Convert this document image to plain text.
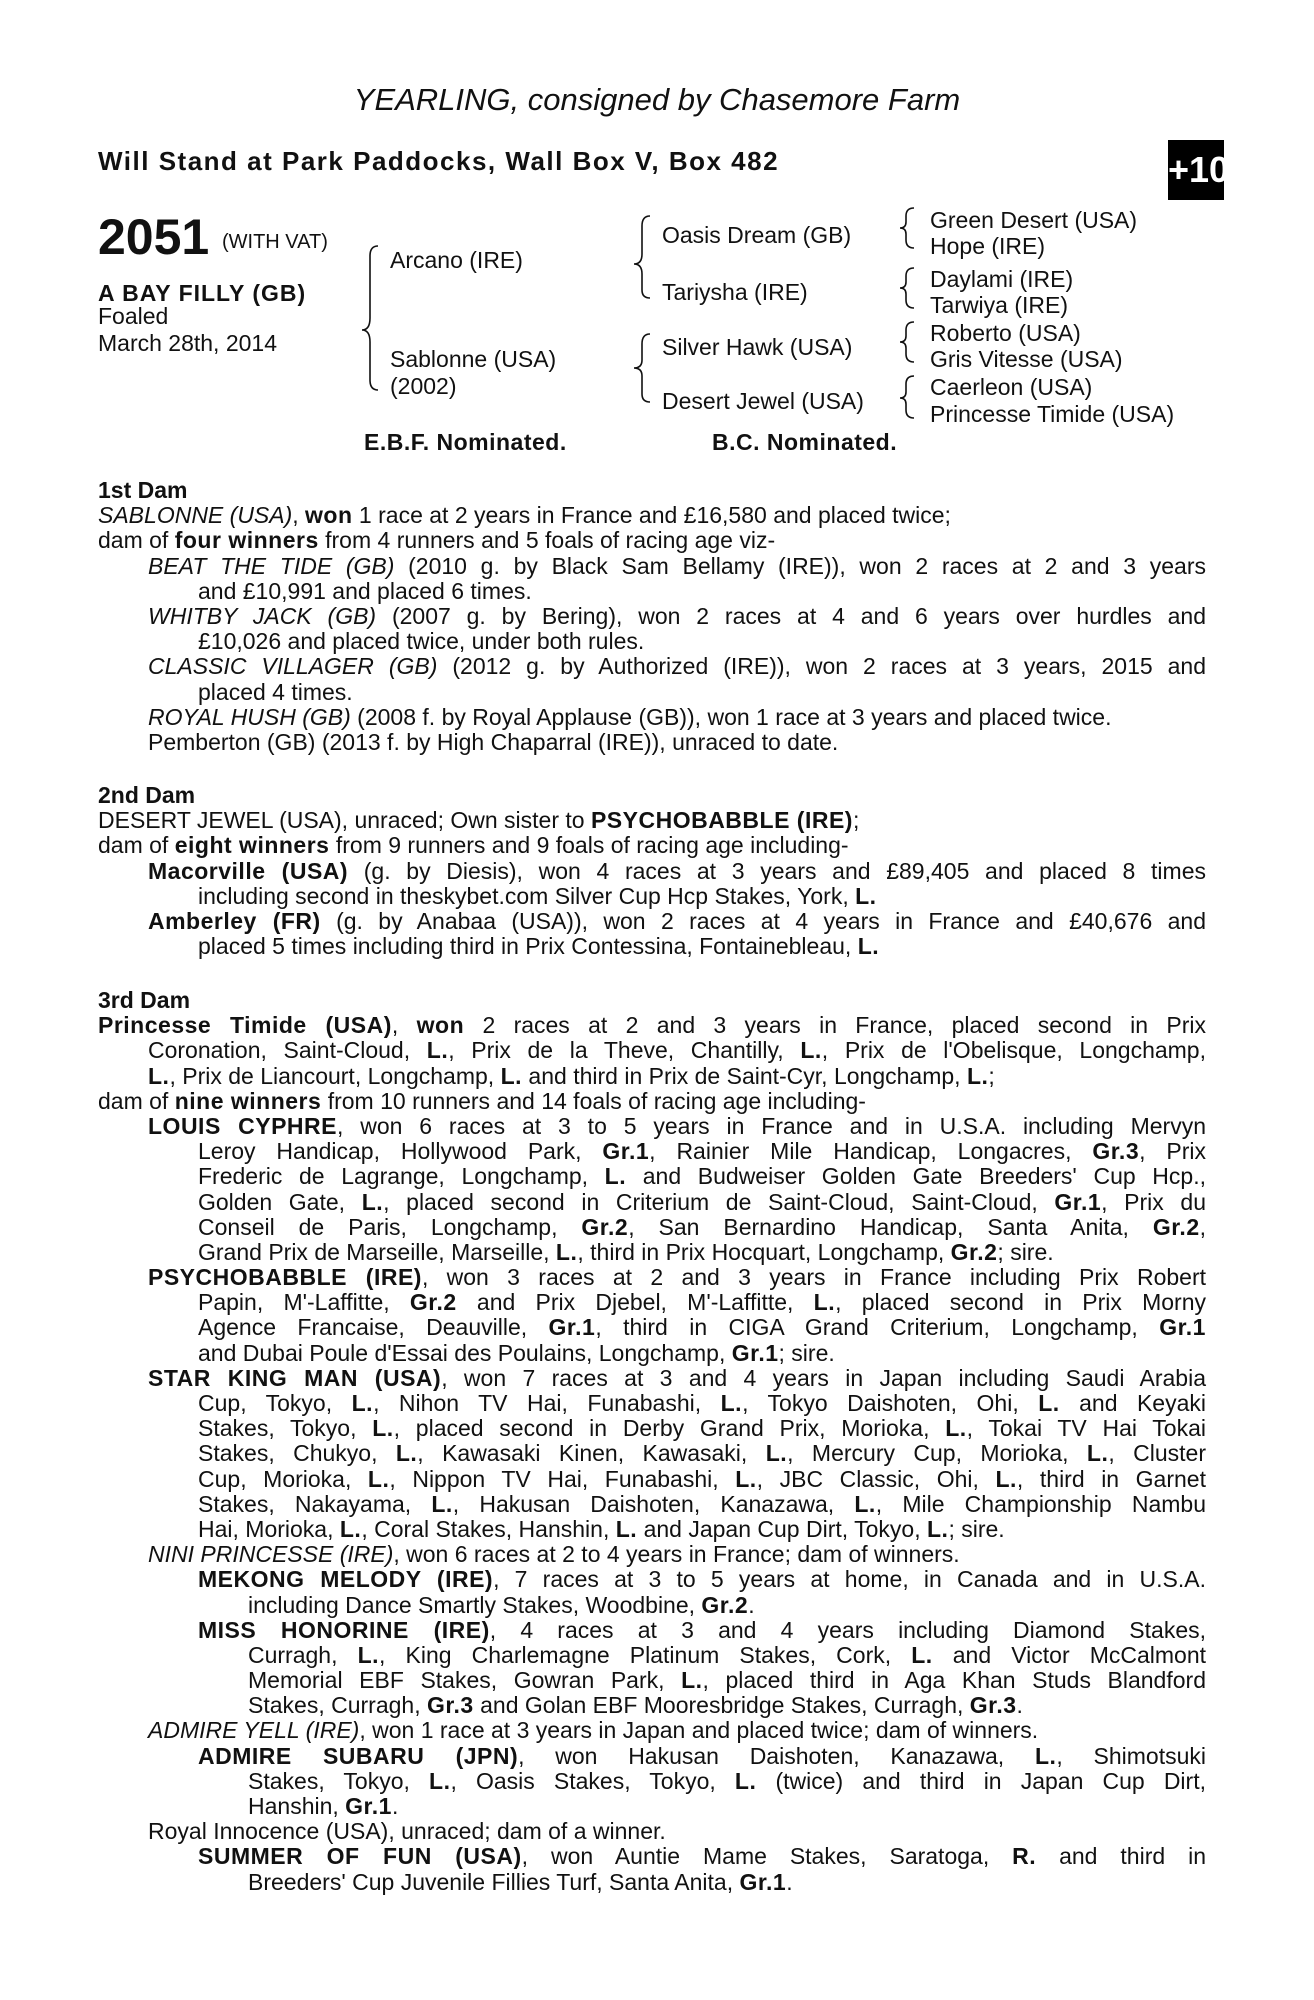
YEARLING, consigned by Chasemore Farm
Will Stand at Park Paddocks, Wall Box V, Box 482	+10
2051 (WITH VAT)
A BAY FILLY (GB)
Foaled
March 28th, 2014
Arcano (IRE)
Sablonne (USA)
(2002)
Oasis Dream (GB)
Tariysha (IRE)
Silver Hawk (USA)
Desert Jewel (USA)
Green Desert (USA)
Hope (IRE)
Daylami (IRE)
Tarwiya (IRE)
Roberto (USA)
Gris Vitesse (USA)
Caerleon (USA)
Princesse Timide (USA)
E.B.F. Nominated.	B.C. Nominated.
1st Dam
SABLONNE (USA), won 1 race at 2 years in France and £16,580 and placed twice;
dam of four winners from 4 runners and 5 foals of racing age viz-
BEAT THE TIDE (GB) (2010 g. by Black Sam Bellamy (IRE)), won 2 races at 2 and 3 years
and £10,991 and placed 6 times.
WHITBY JACK (GB) (2007 g. by Bering), won 2 races at 4 and 6 years over hurdles and
£10,026 and placed twice, under both rules.
CLASSIC VILLAGER (GB) (2012 g. by Authorized (IRE)), won 2 races at 3 years, 2015 and
placed 4 times.
ROYAL HUSH (GB) (2008 f. by Royal Applause (GB)), won 1 race at 3 years and placed twice.
Pemberton (GB) (2013 f. by High Chaparral (IRE)), unraced to date.
2nd Dam
DESERT JEWEL (USA), unraced; Own sister to PSYCHOBABBLE (IRE);
dam of eight winners from 9 runners and 9 foals of racing age including-
Macorville (USA) (g. by Diesis), won 4 races at 3 years and £89,405 and placed 8 times
including second in theskybet.com Silver Cup Hcp Stakes, York, L.
Amberley (FR) (g. by Anabaa (USA)), won 2 races at 4 years in France and £40,676 and
placed 5 times including third in Prix Contessina, Fontainebleau, L.
3rd Dam
Princesse Timide (USA), won 2 races at 2 and 3 years in France, placed second in Prix
Coronation, Saint-Cloud, L., Prix de la Theve, Chantilly, L., Prix de l'Obelisque, Longchamp,
L., Prix de Liancourt, Longchamp, L. and third in Prix de Saint-Cyr, Longchamp, L.;
dam of nine winners from 10 runners and 14 foals of racing age including-
LOUIS CYPHRE, won 6 races at 3 to 5 years in France and in U.S.A. including Mervyn
Leroy Handicap, Hollywood Park, Gr.1, Rainier Mile Handicap, Longacres, Gr.3, Prix
Frederic de Lagrange, Longchamp, L. and Budweiser Golden Gate Breeders' Cup Hcp.,
Golden Gate, L., placed second in Criterium de Saint-Cloud, Saint-Cloud, Gr.1, Prix du
Conseil de Paris, Longchamp, Gr.2, San Bernardino Handicap, Santa Anita, Gr.2,
Grand Prix de Marseille, Marseille, L., third in Prix Hocquart, Longchamp, Gr.2; sire.
PSYCHOBABBLE (IRE), won 3 races at 2 and 3 years in France including Prix Robert
Papin, M'-Laffitte, Gr.2 and Prix Djebel, M'-Laffitte, L., placed second in Prix Morny
Agence Francaise, Deauville, Gr.1, third in CIGA Grand Criterium, Longchamp, Gr.1
and Dubai Poule d'Essai des Poulains, Longchamp, Gr.1; sire.
STAR KING MAN (USA), won 7 races at 3 and 4 years in Japan including Saudi Arabia
Cup, Tokyo, L., Nihon TV Hai, Funabashi, L., Tokyo Daishoten, Ohi, L. and Keyaki
Stakes, Tokyo, L., placed second in Derby Grand Prix, Morioka, L., Tokai TV Hai Tokai
Stakes, Chukyo, L., Kawasaki Kinen, Kawasaki, L., Mercury Cup, Morioka, L., Cluster
Cup, Morioka, L., Nippon TV Hai, Funabashi, L., JBC Classic, Ohi, L., third in Garnet
Stakes, Nakayama, L., Hakusan Daishoten, Kanazawa, L., Mile Championship Nambu
Hai, Morioka, L., Coral Stakes, Hanshin, L. and Japan Cup Dirt, Tokyo, L.; sire.
NINI PRINCESSE (IRE), won 6 races at 2 to 4 years in France; dam of winners.
MEKONG MELODY (IRE), 7 races at 3 to 5 years at home, in Canada and in U.S.A.
including Dance Smartly Stakes, Woodbine, Gr.2.
MISS HONORINE (IRE), 4 races at 3 and 4 years including Diamond Stakes,
Curragh, L., King Charlemagne Platinum Stakes, Cork, L. and Victor McCalmont
Memorial EBF Stakes, Gowran Park, L., placed third in Aga Khan Studs Blandford
Stakes, Curragh, Gr.3 and Golan EBF Mooresbridge Stakes, Curragh, Gr.3.
ADMIRE YELL (IRE), won 1 race at 3 years in Japan and placed twice; dam of winners.
ADMIRE SUBARU (JPN), won Hakusan Daishoten, Kanazawa, L., Shimotsuki
Stakes, Tokyo, L., Oasis Stakes, Tokyo, L. (twice) and third in Japan Cup Dirt,
Hanshin, Gr.1.
Royal Innocence (USA), unraced; dam of a winner.
SUMMER OF FUN (USA), won Auntie Mame Stakes, Saratoga, R. and third in
Breeders' Cup Juvenile Fillies Turf, Santa Anita, Gr.1.
